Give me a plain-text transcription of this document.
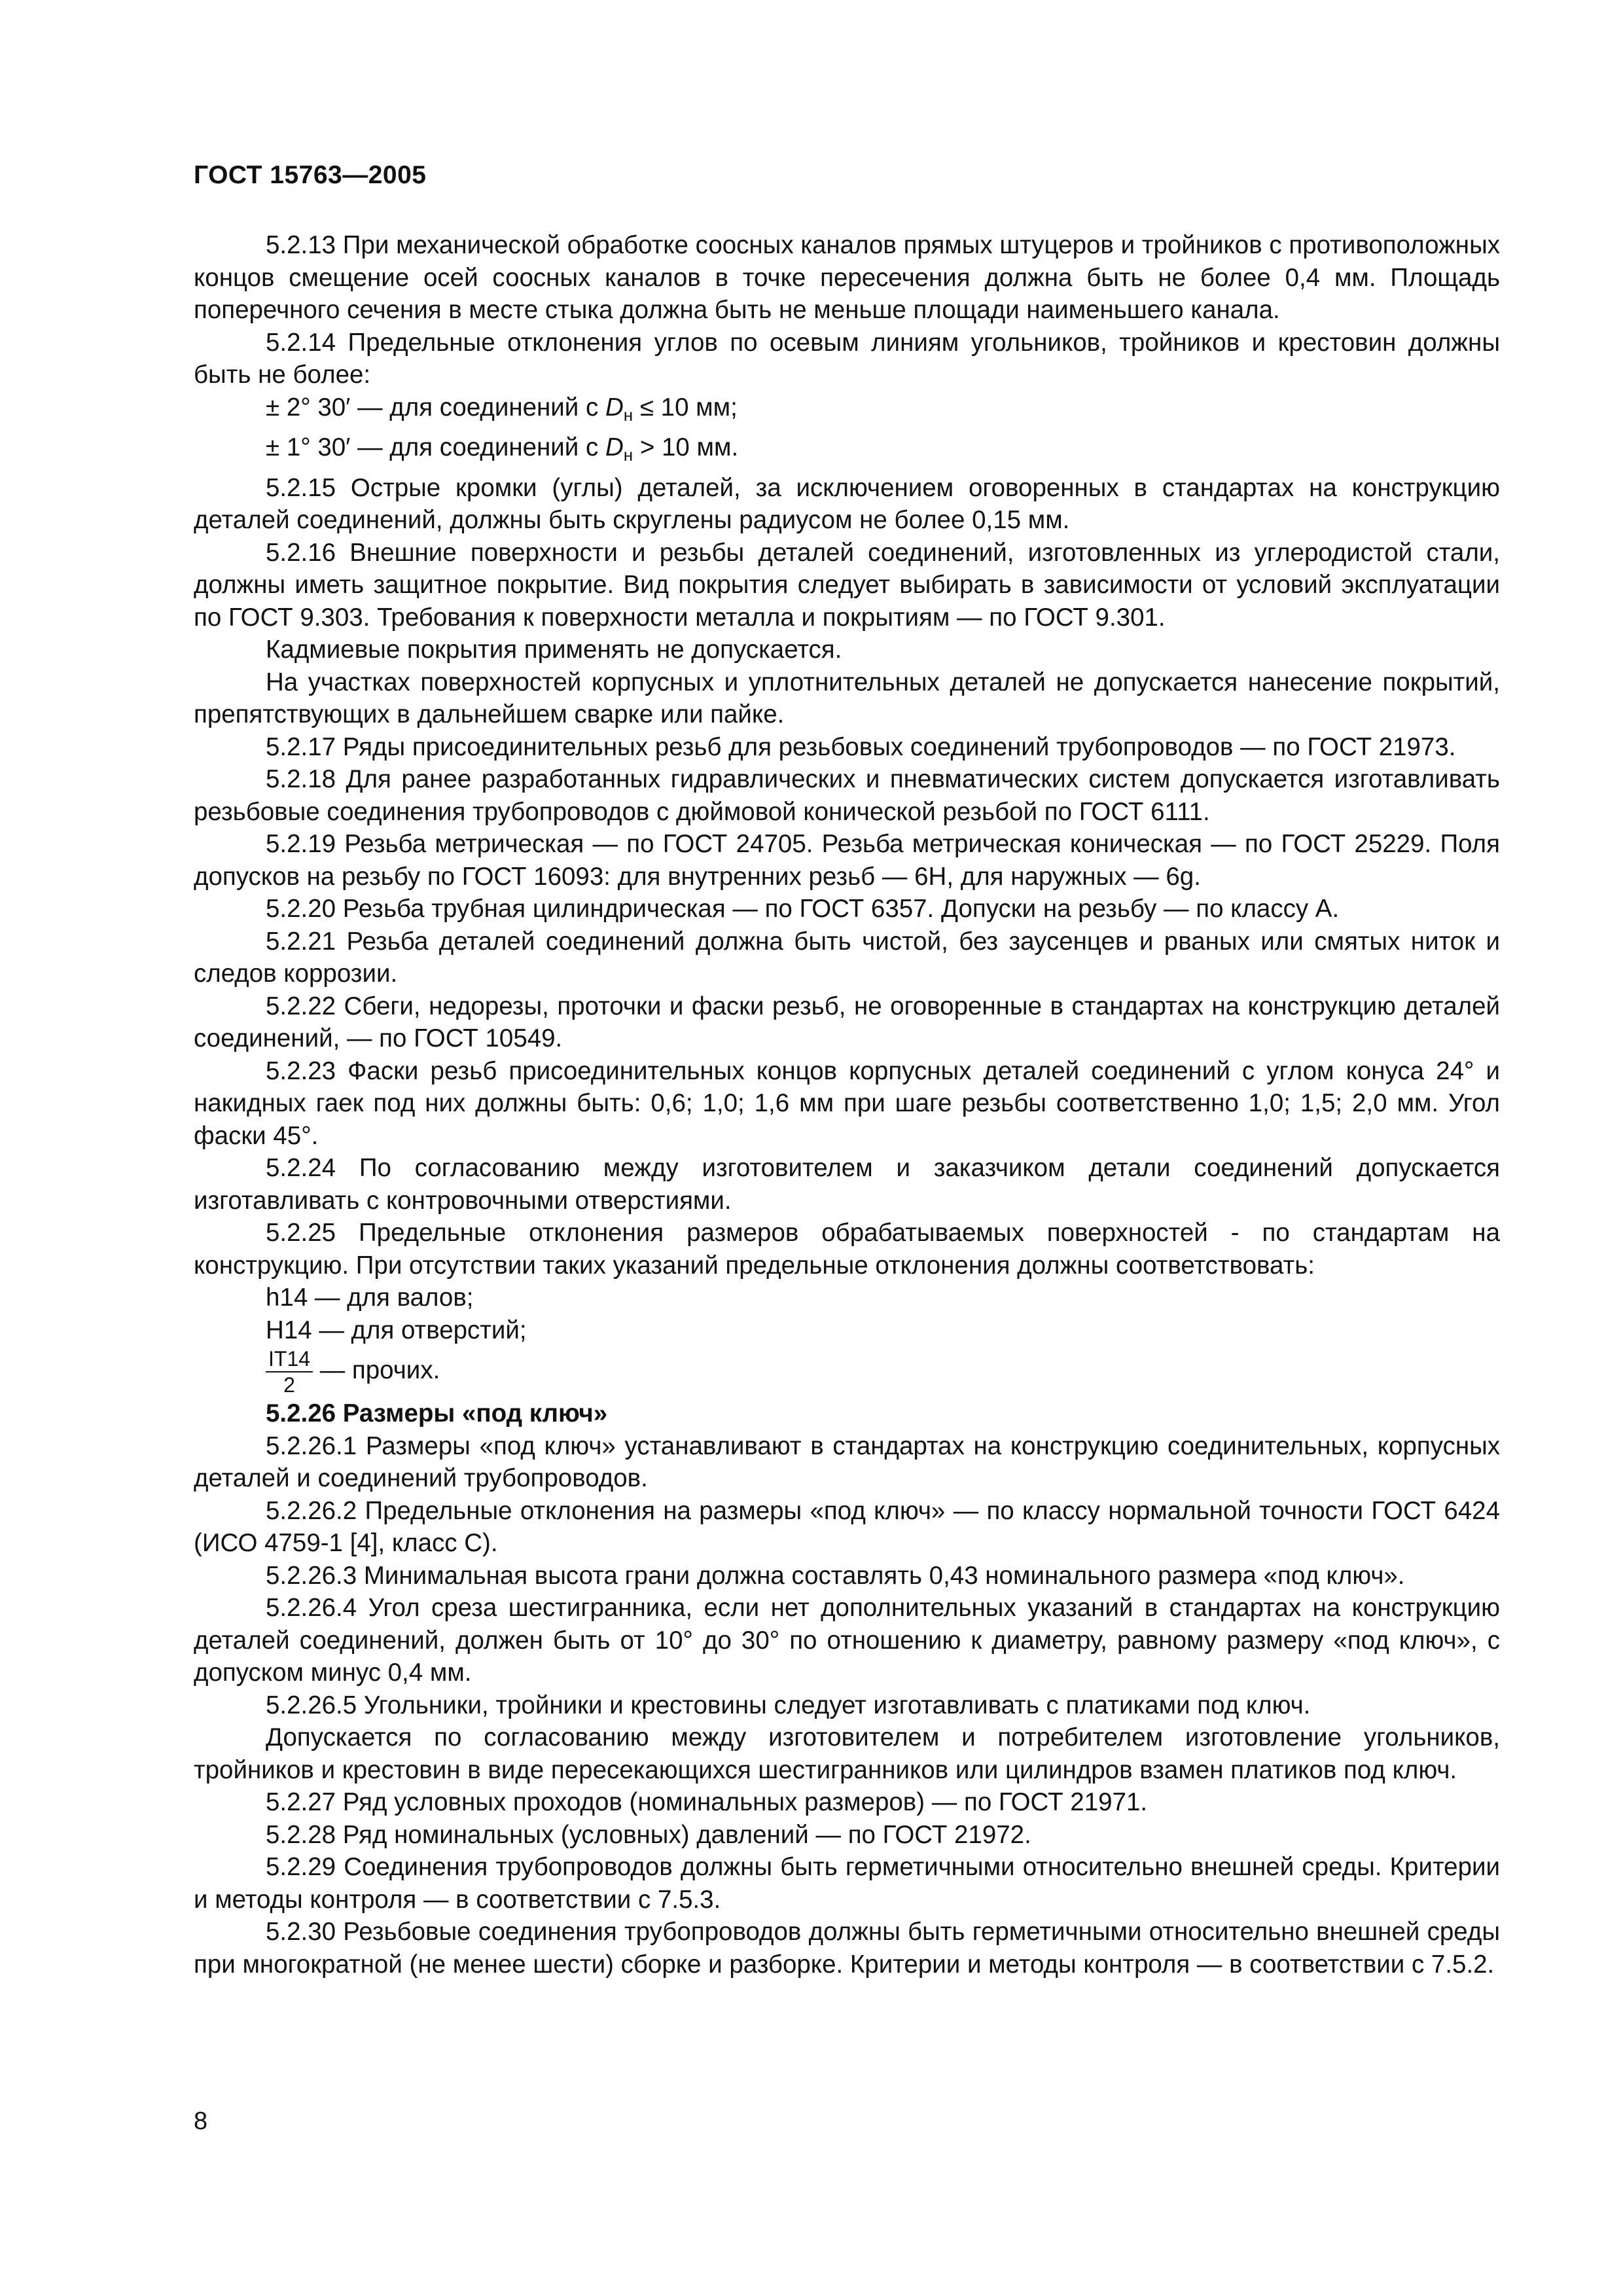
ГОСТ 15763—2005

5.2.13 При механической обработке соосных каналов прямых штуцеров и тройников с противоположных концов смещение осей соосных каналов в точке пересечения должна быть не более 0,4 мм. Площадь поперечного сечения в месте стыка должна быть не меньше площади наименьшего канала.

5.2.14 Предельные отклонения углов по осевым линиям угольников, тройников и крестовин должны быть не более:

± 2° 30′ — для соединений с $D_н \le 10$ мм;

± 1° 30′ — для соединений с $D_н > 10$ мм.

5.2.15 Острые кромки (углы) деталей, за исключением оговоренных в стандартах на конструкцию деталей соединений, должны быть скруглены радиусом не более 0,15 мм.

5.2.16 Внешние поверхности и резьбы деталей соединений, изготовленных из углеродистой стали, должны иметь защитное покрытие. Вид покрытия следует выбирать в зависимости от условий эксплуатации по ГОСТ 9.303. Требования к поверхности металла и покрытиям — по ГОСТ 9.301.

Кадмиевые покрытия применять не допускается.

На участках поверхностей корпусных и уплотнительных деталей не допускается нанесение покрытий, препятствующих в дальнейшем сварке или пайке.

5.2.17 Ряды присоединительных резьб для резьбовых соединений трубопроводов — по ГОСТ 21973.

5.2.18 Для ранее разработанных гидравлических и пневматических систем допускается изготавливать резьбовые соединения трубопроводов с дюймовой конической резьбой по ГОСТ 6111.

5.2.19 Резьба метрическая — по ГОСТ 24705. Резьба метрическая коническая — по ГОСТ 25229. Поля допусков на резьбу по ГОСТ 16093: для внутренних резьб — 6Н, для наружных — 6g.

5.2.20 Резьба трубная цилиндрическая — по ГОСТ 6357. Допуски на резьбу — по классу А.

5.2.21 Резьба деталей соединений должна быть чистой, без заусенцев и рваных или смятых ниток и следов коррозии.

5.2.22 Сбеги, недорезы, проточки и фаски резьб, не оговоренные в стандартах на конструкцию деталей соединений, — по ГОСТ 10549.

5.2.23 Фаски резьб присоединительных концов корпусных деталей соединений с углом конуса 24° и накидных гаек под них должны быть: 0,6; 1,0; 1,6 мм при шаге резьбы соответственно 1,0; 1,5; 2,0 мм. Угол фаски 45°.

5.2.24 По согласованию между изготовителем и заказчиком детали соединений допускается изготавливать с контровочными отверстиями.

5.2.25 Предельные отклонения размеров обрабатываемых поверхностей - по стандартам на конструкцию. При отсутствии таких указаний предельные отклонения должны соответствовать:

h14 — для валов;

H14 — для отверстий;

$\frac{IT14}{2}$ — прочих.

5.2.26 Размеры «под ключ»

5.2.26.1 Размеры «под ключ» устанавливают в стандартах на конструкцию соединительных, корпусных деталей и соединений трубопроводов.

5.2.26.2 Предельные отклонения на размеры «под ключ» — по классу нормальной точности ГОСТ 6424 (ИСО 4759-1 [4], класс С).

5.2.26.3 Минимальная высота грани должна составлять 0,43 номинального размера «под ключ».

5.2.26.4 Угол среза шестигранника, если нет дополнительных указаний в стандартах на конструкцию деталей соединений, должен быть от 10° до 30° по отношению к диаметру, равному размеру «под ключ», с допуском минус 0,4 мм.

5.2.26.5 Угольники, тройники и крестовины следует изготавливать с платиками под ключ.

Допускается по согласованию между изготовителем и потребителем изготовление угольников, тройников и крестовин в виде пересекающихся шестигранников или цилиндров взамен платиков под ключ.

5.2.27 Ряд условных проходов (номинальных размеров) — по ГОСТ 21971.

5.2.28 Ряд номинальных (условных) давлений — по ГОСТ 21972.

5.2.29 Соединения трубопроводов должны быть герметичными относительно внешней среды. Критерии и методы контроля — в соответствии с 7.5.3.

5.2.30 Резьбовые соединения трубопроводов должны быть герметичными относительно внешней среды при многократной (не менее шести) сборке и разборке. Критерии и методы контроля — в соответствии с 7.5.2.

8
